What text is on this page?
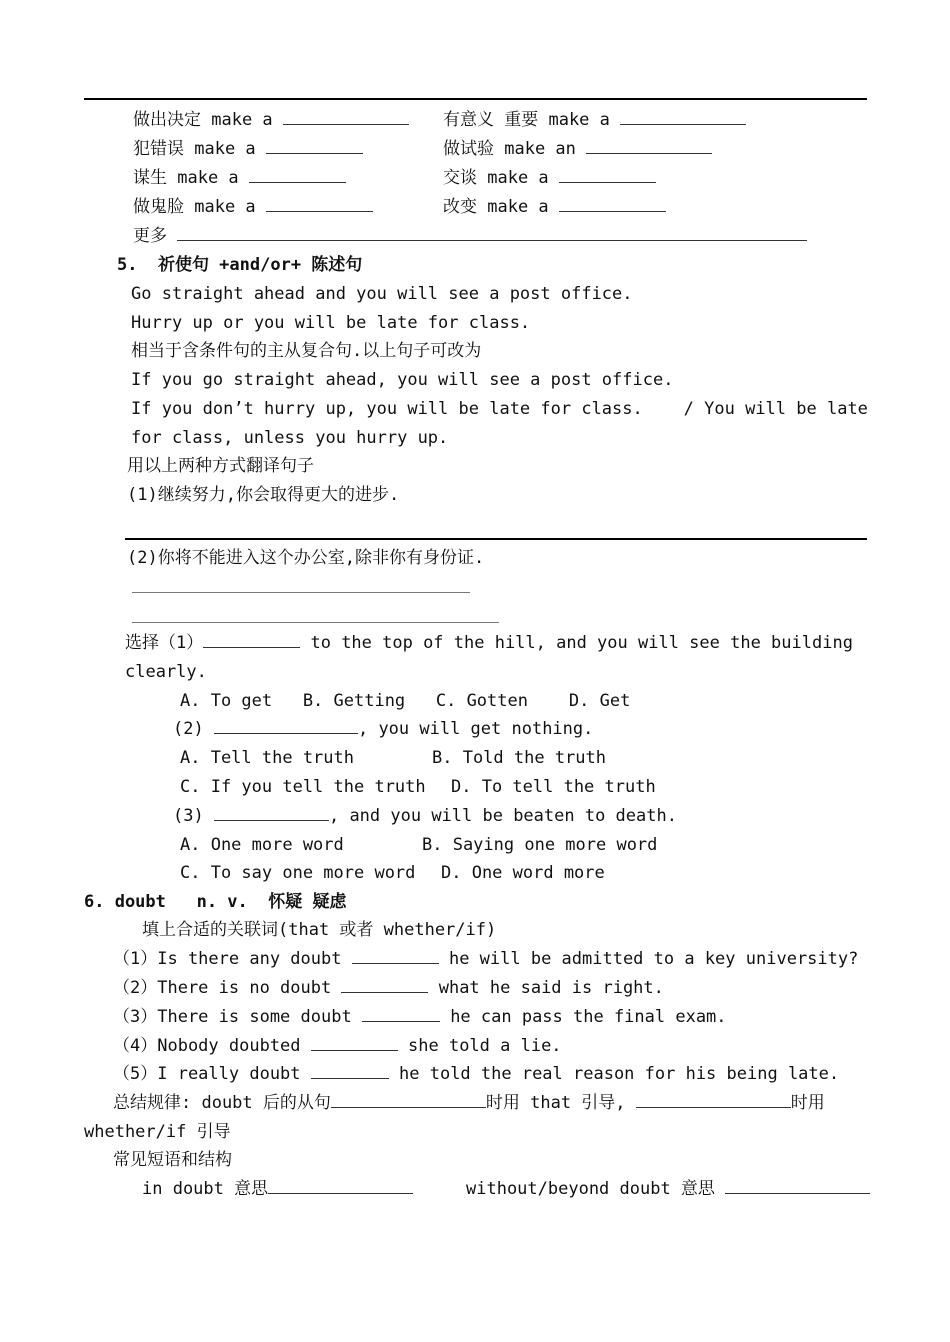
做出决定 make a	有意义 重要 make a
犯错误 make a	做试验 make an
谋生 make a	交谈 make a
做鬼脸 make a	改变 make a
更多
5.  祈使句 +and/or+ 陈述句
Go straight ahead and you will see a post office.
Hurry up or you will be late for class.
相当于含条件句的主从复合句.以上句子可改为
If you go straight ahead, you will see a post office.
If you don’t hurry up, you will be late for class.    / You will be late
for class, unless you hurry up.
用以上两种方式翻译句子
(1)继续努力,你会取得更大的进步.
(2)你将不能进入这个办公室,除非你有身份证.
选择（1）	to the top of the hill, and you will see the building
clearly.
A. To get   B. Getting   C. Gotten    D. Get
(2)	, you will get nothing.
A. Tell the truth	B. Told the truth
C. If you tell the truth D. To tell the truth
(3)	, and you will be beaten to death.
A. One more word	B. Saying one more word
C. To say one more word D. One word more
6. doubt   n. v.  怀疑 疑虑
填上合适的关联词(that 或者 whether/if)
（1）Is there any doubt	he will be admitted to a key university?
（2）There is no doubt	what he said is right.
（3）There is some doubt	he can pass the final exam.
（4）Nobody doubted	she told a lie.
（5）I really doubt	he told the real reason for his being late.
总结规律: doubt 后的从句	时用 that 引导,	时用
whether/if 引导
常见短语和结构
in doubt 意思	without/beyond doubt 意思
